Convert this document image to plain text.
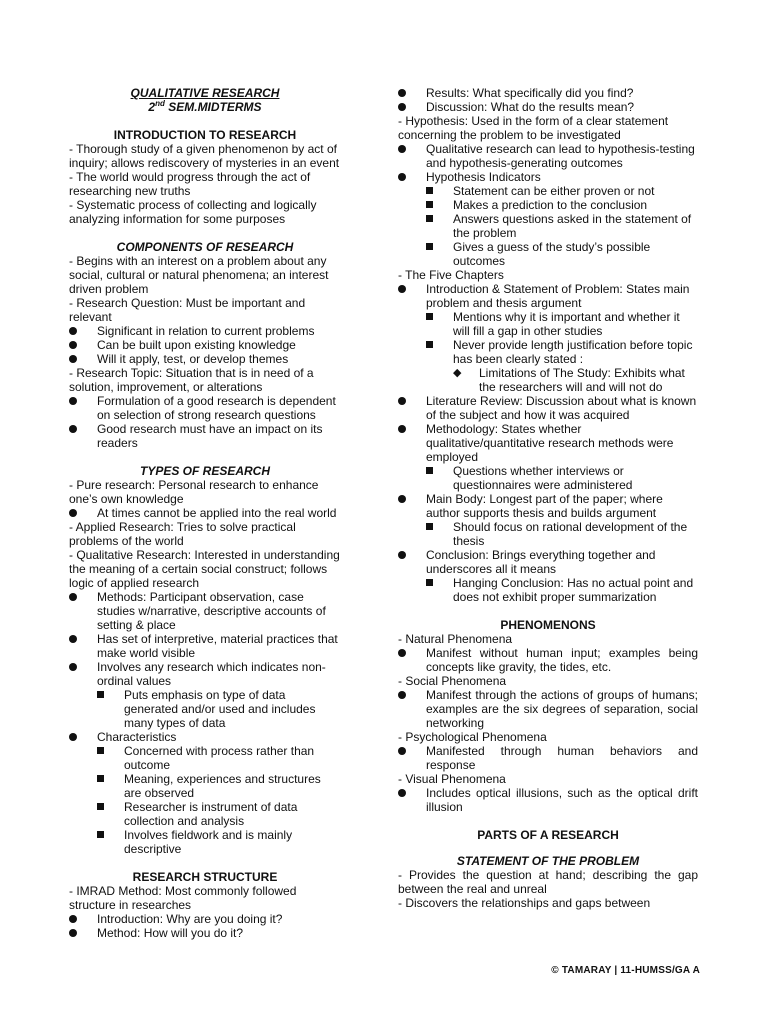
QUALITATIVE RESEARCH
2nd SEM.MIDTERMS
INTRODUCTION TO RESEARCH

- Thorough study of a given phenomenon by act of inquiry; allows rediscovery of mysteries in an event

- The world would progress through the act of researching new truths

- Systematic process of collecting and logically analyzing information for some purposes

COMPONENTS OF RESEARCH

- Begins with an interest on a problem about any social, cultural or natural phenomena; an interest driven problem

- Research Question: Must be important and relevant

Significant in relation to current problems
Can be built upon existing knowledge
Will it apply, test, or develop themes

- Research Topic: Situation that is in need of a solution, improvement, or alterations

Formulation of a good research is dependent on selection of strong research questions
Good research must have an impact on its readers
TYPES OF RESEARCH

- Pure research: Personal research to enhance one’s own knowledge

At times cannot be applied into the real world

- Applied Research: Tries to solve practical problems of the world

- Qualitative Research: Interested in understanding the meaning of a certain social construct; follows logic of applied research

Methods: Participant observation, case studies w/narrative, descriptive accounts of setting & place
Has set of interpretive, material practices that make world visible
Involves any research which indicates non-ordinal values
Puts emphasis on type of data generated and/or used and includes many types of data
Characteristics
Concerned with process rather than outcome
Meaning, experiences and structures are observed
Researcher is instrument of data collection and analysis
Involves fieldwork and is mainly descriptive
RESEARCH STRUCTURE

- IMRAD Method: Most commonly followed structure in researches

Introduction: Why are you doing it?
Method: How will you do it?
Results: What specifically did you find?
Discussion: What do the results mean?

- Hypothesis: Used in the form of a clear statement concerning the problem to be investigated

Qualitative research can lead to hypothesis-testing and hypothesis-generating outcomes
Hypothesis Indicators
Statement can be either proven or not
Makes a prediction to the conclusion
Answers questions asked in the statement of the problem
Gives a guess of the study’s possible outcomes

- The Five Chapters

Introduction & Statement of Problem: States main problem and thesis argument
Mentions why it is important and whether it will fill a gap in other studies
Never provide length justification before topic has been clearly stated :
◆ Limitations of The Study: Exhibits what the researchers will and will not do
Literature Review: Discussion about what is known of the subject and how it was acquired
Methodology: States whether qualitative/quantitative research methods were employed
Questions whether interviews or questionnaires were administered
Main Body: Longest part of the paper; where author supports thesis and builds argument
Should focus on rational development of the thesis
Conclusion: Brings everything together and underscores all it means
Hanging Conclusion: Has no actual point and does not exhibit proper summarization
PHENOMENONS

- Natural Phenomena

Manifest without human input; examples being concepts like gravity, the tides, etc.

- Social Phenomena

Manifest through the actions of groups of humans; examples are the six degrees of separation, social networking

- Psychological Phenomena

Manifested through human behaviors and response

- Visual Phenomena

Includes optical illusions, such as the optical drift illusion
PARTS OF A RESEARCH
STATEMENT OF THE PROBLEM

- Provides the question at hand; describing the gap between the real and unreal

- Discovers the relationships and gaps between

© TAMARAY | 11-HUMSS/GA A
